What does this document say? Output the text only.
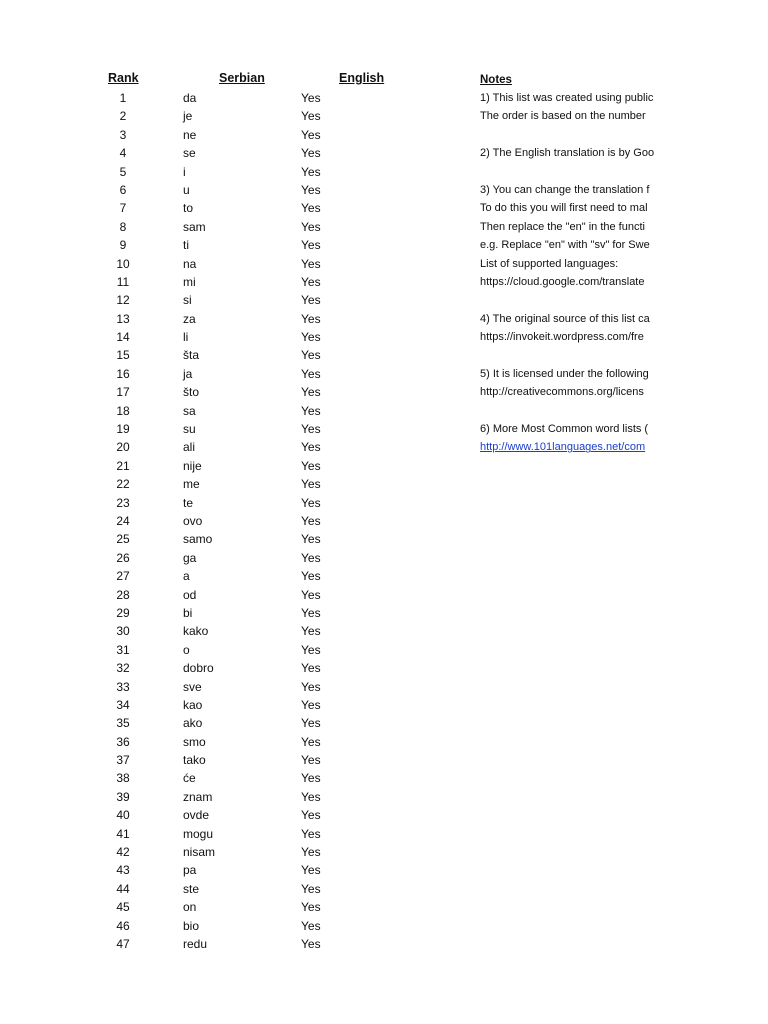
Rank	Serbian	English	Notes
1	da	Yes
2	je	Yes
3	ne	Yes
4	se	Yes
5	i	Yes
6	u	Yes
7	to	Yes
8	sam	Yes
9	ti	Yes
10	na	Yes
11	mi	Yes
12	si	Yes
13	za	Yes
14	li	Yes
15	šta	Yes
16	ja	Yes
17	što	Yes
18	sa	Yes
19	su	Yes
20	ali	Yes
21	nije	Yes
22	me	Yes
23	te	Yes
24	ovo	Yes
25	samo	Yes
26	ga	Yes
27	a	Yes
28	od	Yes
29	bi	Yes
30	kako	Yes
31	o	Yes
32	dobro	Yes
33	sve	Yes
34	kao	Yes
35	ako	Yes
36	smo	Yes
37	tako	Yes
38	će	Yes
39	znam	Yes
40	ovde	Yes
41	mogu	Yes
42	nisam	Yes
43	pa	Yes
44	ste	Yes
45	on	Yes
46	bio	Yes
47	redu	Yes
1) This list was created using public
The order is based on the number
2) The English translation is by Goo
3) You can change the translation f
To do this you will first need to mal
Then replace the "en" in the functi
e.g. Replace "en" with "sv" for Swe
List of supported languages:
https://cloud.google.com/translate
4) The original source of this list ca
https://invokeit.wordpress.com/fre
5) It is licensed under the following
http://creativecommons.org/licens
6) More Most Common word lists (
http://www.101languages.net/com
